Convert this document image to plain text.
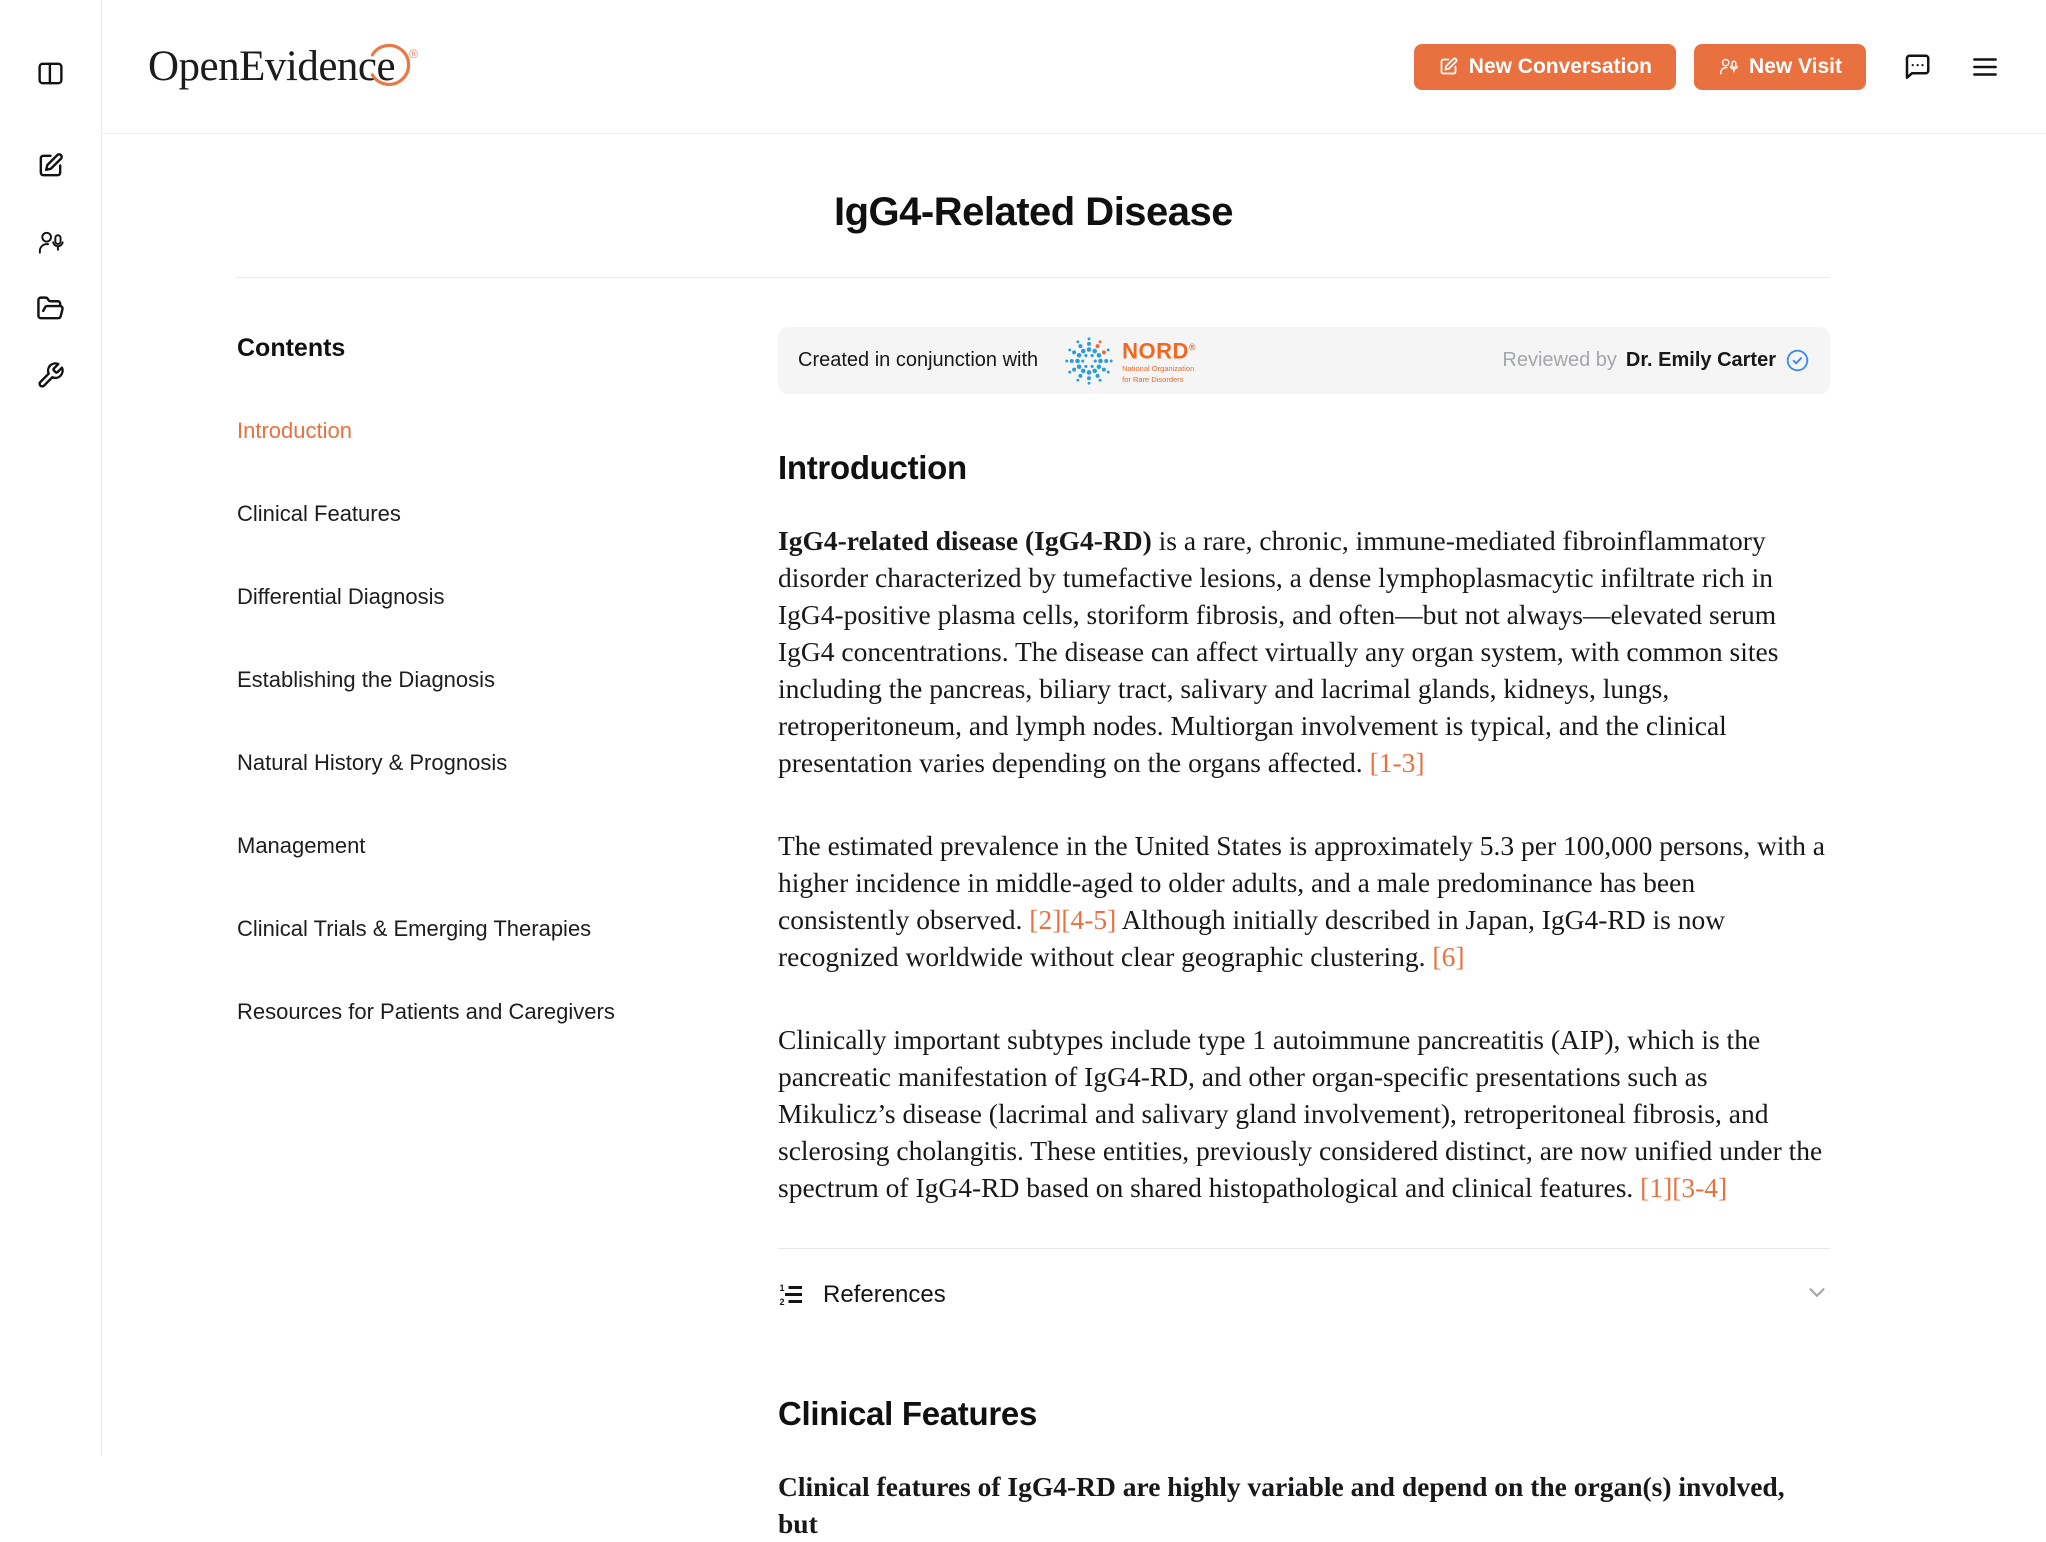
OpenEvidenc e ®
New Conversation	New Visit
IgG4-Related Disease
Contents
Introduction
Clinical Features
Differential Diagnosis
Establishing the Diagnosis
Natural History & Prognosis
Management
Clinical Trials & Emerging Therapies
Resources for Patients and Caregivers
Created in conjunction with	NORD®
National Organization
for Rare Disorders
Reviewed by Dr. Emily Carter
Introduction

IgG4-related disease (IgG4-RD) is a rare, chronic, immune-mediated fibroinflammatory disorder characterized by tumefactive lesions, a dense lymphoplasmacytic infiltrate rich in IgG4-positive plasma cells, storiform fibrosis, and often—but not always—elevated serum IgG4 concentrations. The disease can affect virtually any organ system, with common sites including the pancreas, biliary tract, salivary and lacrimal glands, kidneys, lungs, retroperitoneum, and lymph nodes. Multiorgan involvement is typical, and the clinical presentation varies depending on the organs affected. [1-3]

The estimated prevalence in the United States is approximately 5.3 per 100,000 persons, with a higher incidence in middle-aged to older adults, and a male predominance has been consistently observed. [2][4-5] Although initially described in Japan, IgG4-RD is now recognized worldwide without clear geographic clustering. [6]

Clinically important subtypes include type 1 autoimmune pancreatitis (AIP), which is the pancreatic manifestation of IgG4-RD, and other organ-specific presentations such as Mikulicz’s disease (lacrimal and salivary gland involvement), retroperitoneal fibrosis, and sclerosing cholangitis. These entities, previously considered distinct, are now unified under the spectrum of IgG4-RD based on shared histopathological and clinical features. [1][3-4]

1
2 References
Clinical Features

Clinical features of IgG4-RD are highly variable and depend on the organ(s) involved, but
